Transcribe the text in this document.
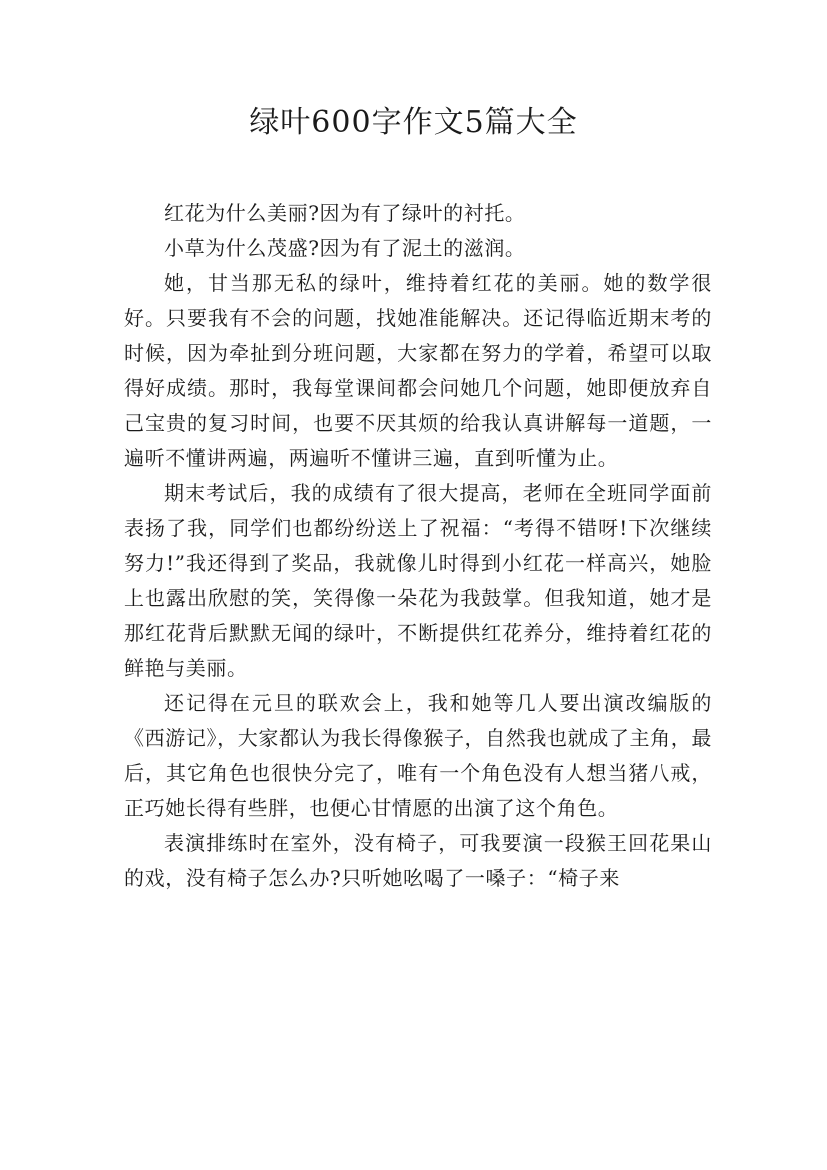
绿叶600字作文5篇大全

红花为什么美丽?因为有了绿叶的衬托。

小草为什么茂盛?因为有了泥土的滋润。

她，甘当那无私的绿叶，维持着红花的美丽。她的数学很好。只要我有不会的问题，找她准能解决。还记得临近期末考的时候，因为牵扯到分班问题，大家都在努力的学着，希望可以取得好成绩。那时，我每堂课间都会问她几个问题，她即便放弃自己宝贵的复习时间，也要不厌其烦的给我认真讲解每一道题，一遍听不懂讲两遍，两遍听不懂讲三遍，直到听懂为止。

期末考试后，我的成绩有了很大提高，老师在全班同学面前表扬了我，同学们也都纷纷送上了祝福：“考得不错呀!下次继续努力!”我还得到了奖品，我就像儿时得到小红花一样高兴，她脸上也露出欣慰的笑，笑得像一朵花为我鼓掌。但我知道，她才是那红花背后默默无闻的绿叶，不断提供红花养分，维持着红花的鲜艳与美丽。

还记得在元旦的联欢会上，我和她等几人要出演改编版的《西游记》，大家都认为我长得像猴子，自然我也就成了主角，最后，其它角色也很快分完了，唯有一个角色没有人想当猪八戒，正巧她长得有些胖，也便心甘情愿的出演了这个角色。

表演排练时在室外，没有椅子，可我要演一段猴王回花果山的戏，没有椅子怎么办?只听她吆喝了一嗓子：“椅子来
